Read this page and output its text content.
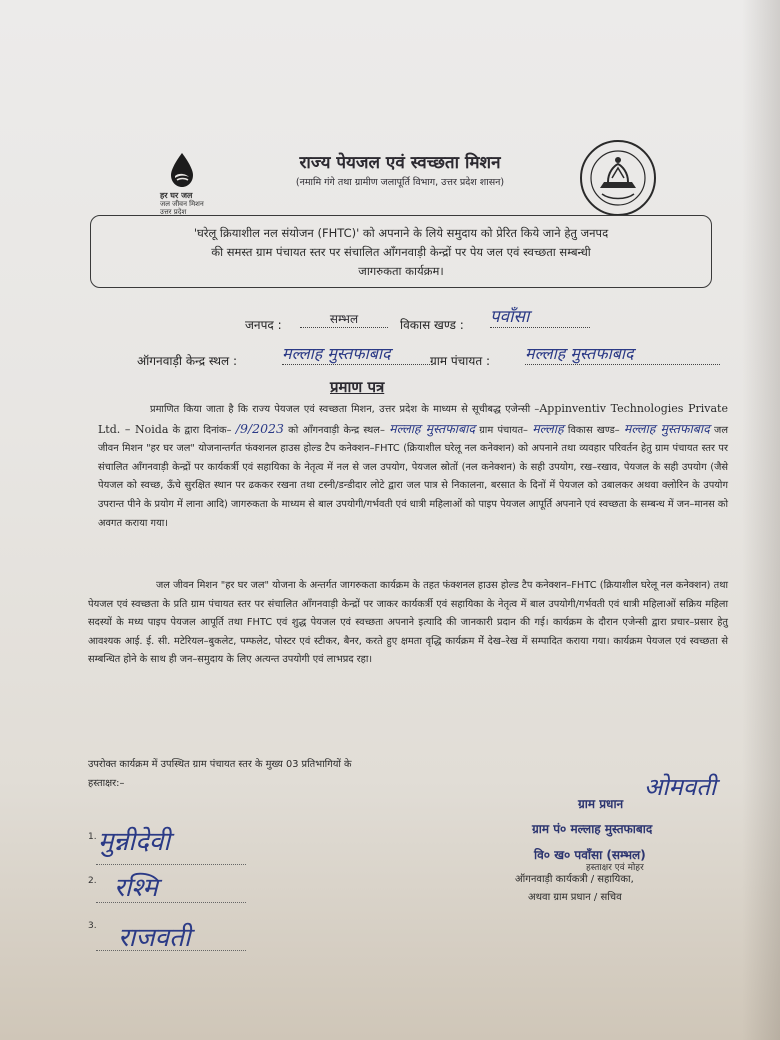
हर घर जल
जल जीवन मिशन
उत्तर प्रदेश
राज्य पेयजल एवं स्वच्छता मिशन
(नमामि गंगे तथा ग्रामीण जलापूर्ति विभाग, उत्तर प्रदेश शासन)
'घरेलू क्रियाशील नल संयोजन (FHTC)' को अपनाने के लिये समुदाय को प्रेरित किये जाने हेतु जनपद
की समस्त ग्राम पंचायत स्तर पर संचालित आँगनवाड़ी केन्द्रों पर पेय जल एवं स्वच्छता सम्बन्धी
जागरुकता कार्यक्रम।
जनपद :	सम्भल	विकास खण्ड : पवाँसा
ऑगनवाड़ी केन्द्र स्थल :	मल्लाह मुस्तफाबाद	ग्राम पंचायत : मल्लाह मुस्तफाबाद
प्रमाण पत्र
प्रमाणित किया जाता है कि राज्य पेयजल एवं स्वच्छता मिशन, उत्तर प्रदेश के माध्यम से सूचीबद्ध एजेन्सी –Appinventiv Technologies Private Ltd. – Noida के द्वारा दिनांक– /9/2023 को आँगनवाड़ी केन्द्र स्थल– मल्लाह मुस्तफाबाद ग्राम पंचायत– मल्लाह विकास खण्ड– मल्लाह मुस्तफाबाद जल जीवन मिशन "हर घर जल" योजनान्तर्गत फंक्शनल हाउस होल्ड टैप कनेक्शन–FHTC (क्रियाशील घरेलू नल कनेक्शन) को अपनाने तथा व्यवहार परिवर्तन हेतु ग्राम पंचायत स्तर पर संचालित आँगनवाड़ी केन्द्रों पर कार्यकर्त्री एवं सहायिका के नेतृत्व में नल से जल उपयोग, पेयजल स्रोतों (नल कनेक्शन) के सही उपयोग, रख–रखाव, पेयजल के सही उपयोग (जैसे पेयजल को स्वच्छ, ऊँचे सुरक्षित स्थान पर ढककर रखना तथा टस्नी/डन्डीदार लोटे द्वारा जल पात्र से निकालना, बरसात के दिनों में पेयजल को उबालकर अथवा क्लोरिन के उपयोग उपरान्त पीने के प्रयोग में लाना आदि) जागरुकता के माध्यम से बाल उपयोगी/गर्भवती एवं धात्री महिलाओं को पाइप पेयजल आपूर्ति अपनाने एवं स्वच्छता के सम्बन्ध में जन–मानस को अवगत कराया गया।
जल जीवन मिशन "हर घर जल" योजना के अन्तर्गत जागरुकता कार्यक्रम के तहत फंक्शनल हाउस होल्ड टैप कनेक्शन–FHTC (क्रियाशील घरेलू नल कनेक्शन) तथा पेयजल एवं स्वच्छता के प्रति ग्राम पंचायत स्तर पर संचालित आँगनवाड़ी केन्द्रों पर जाकर कार्यकर्त्री एवं सहायिका के नेतृत्व में बाल उपयोगी/गर्भवती एवं धात्री महिलाओं सक्रिय महिला सदस्यों के मध्य पाइप पेयजल आपूर्ति तथा FHTC एवं शुद्ध पेयजल एवं स्वच्छता अपनाने इत्यादि की जानकारी प्रदान की गई। कार्यक्रम के दौरान एजेन्सी द्वारा प्रचार–प्रसार हेतु आवश्यक आई. ई. सी. मटेरियल–बुकलेट, पम्फलेट, पोस्टर एवं स्टीकर, बैनर, करते हुए क्षमता वृद्धि कार्यक्रम मेंं देख–रेख में सम्पादित कराया गया। कार्यक्रम पेयजल एवं स्वच्छता से सम्बन्धित होने के साथ ही जन–समुदाय के लिए अत्यन्त उपयोगी एवं लाभप्रद रहा।
उपरोक्त कार्यक्रम में उपस्थित ग्राम पंचायत स्तर के मुख्य 03 प्रतिभागियों के
हस्ताक्षर:–
1. मुन्नीदेवी
2. रश्मि
3. राजवती
ग्राम प्रधान
ओमवती
ग्राम पं० मल्लाह मुस्तफाबाद
वि० ख० पवाँसा (सम्भल)
हस्ताक्षर एवं मोहर
ऑगनवाड़ी कार्यकत्री / सहायिका,
अथवा ग्राम प्रधान / सचिव
